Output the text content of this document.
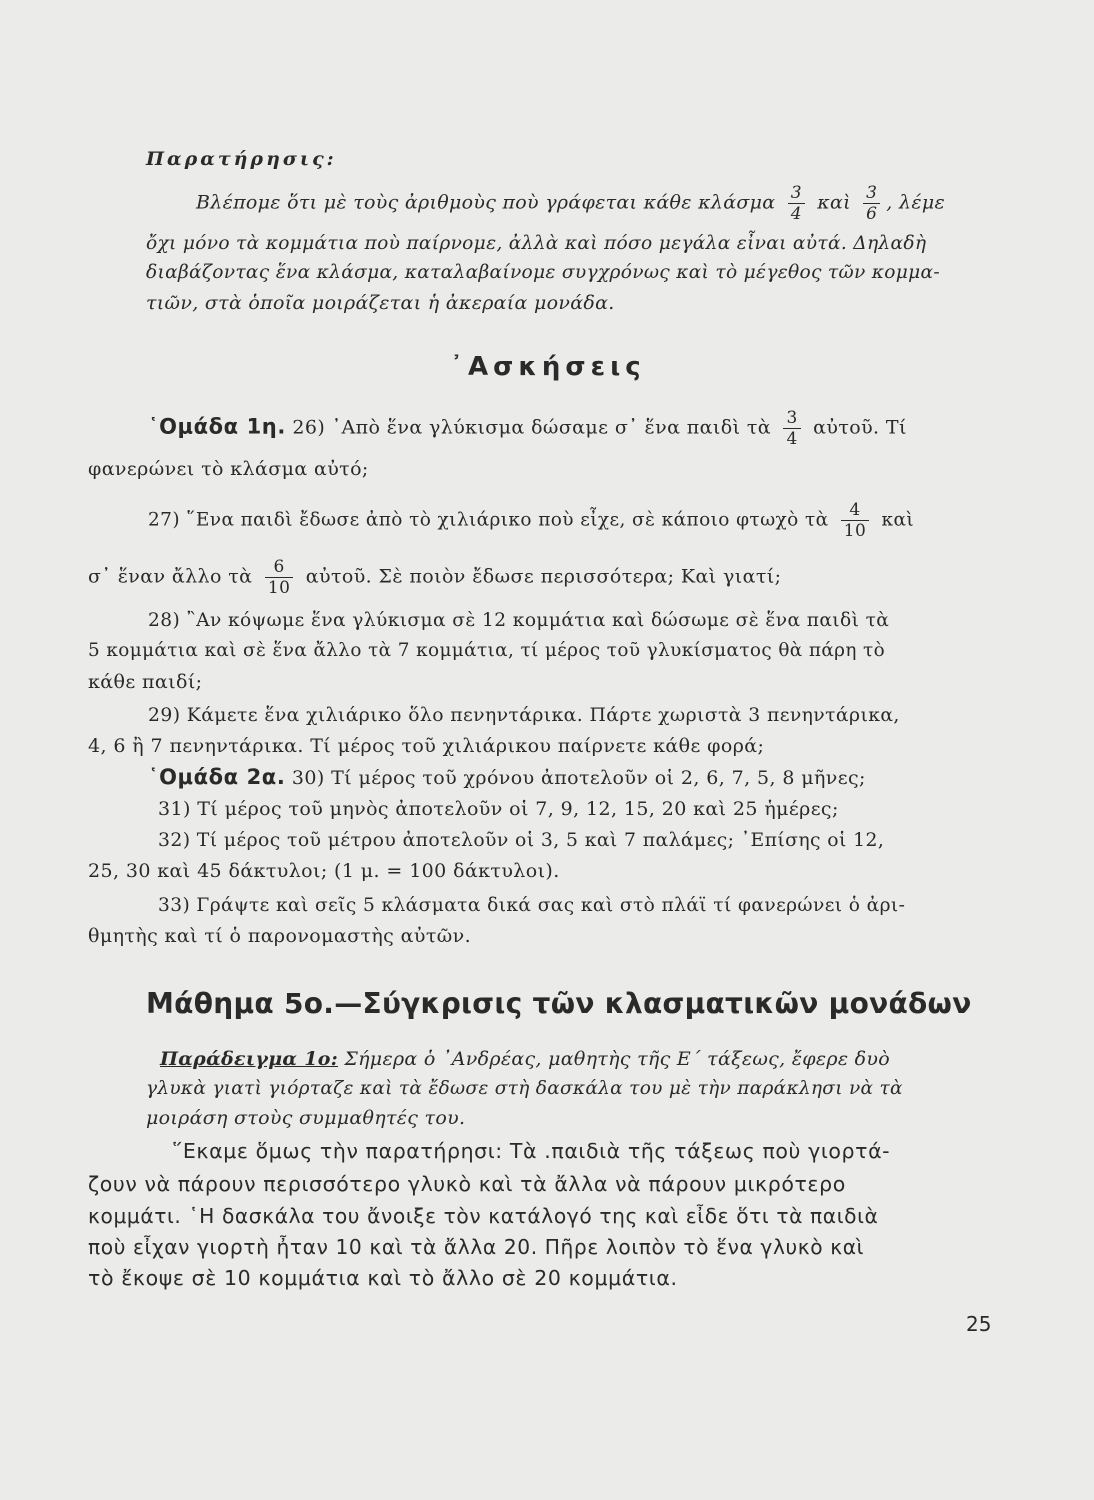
Παρατήρησις:
Βλέπομε ὅτι μὲ τοὺς ἀριθμοὺς ποὺ γράφεται κάθε κλάσμα $\frac{3}{4}$ καὶ $\frac{3}{6}$ , λέμε
ὄχι μόνο τὰ κομμάτια ποὺ παίρνομε, ἀλλὰ καὶ πόσο μεγάλα εἶναι αὐτά. Δηλαδὴ
διαβάζοντας ἕνα κλάσμα, καταλαβαίνομε συγχρόνως καὶ τὸ μέγεθος τῶν κομμα-
τιῶν, στὰ ὁποῖα μοιράζεται ἡ ἀκεραία μονάδα.
᾿Ασκήσεις
῾Ομάδα 1η. 26) ᾿Απὸ ἕνα γλύκισμα δώσαμε σ᾿ ἕνα παιδὶ τὰ $\frac{3}{4}$ αὐτοῦ. Τί
φανερώνει τὸ κλάσμα αὐτό;
27) ῞Ενα παιδὶ ἔδωσε ἀπὸ τὸ χιλιάρικο ποὺ εἶχε, σὲ κάποιο φτωχὸ τὰ $\frac{4}{10}$ καὶ
σ᾿ ἕναν ἄλλο τὰ $\frac{6}{10}$ αὐτοῦ. Σὲ ποιὸν ἔδωσε περισσότερα; Καὶ γιατί;
28) ῍Αν κόψωμε ἕνα γλύκισμα σὲ 12 κομμάτια καὶ δώσωμε σὲ ἕνα παιδὶ τὰ
5 κομμάτια καὶ σὲ ἕνα ἄλλο τὰ 7 κομμάτια, τί μέρος τοῦ γλυκίσματος θὰ πάρη τὸ
κάθε παιδί;
29) Κάμετε ἕνα χιλιάρικο ὅλο πενηντάρικα. Πάρτε χωριστὰ 3 πενηντάρικα,
4, 6 ἢ 7 πενηντάρικα. Τί μέρος τοῦ χιλιάρικου παίρνετε κάθε φορά;
῾Ομάδα 2α. 30) Τί μέρος τοῦ χρόνου ἀποτελοῦν οἱ 2, 6, 7, 5, 8 μῆνες;
31) Τί μέρος τοῦ μηνὸς ἀποτελοῦν οἱ 7, 9, 12, 15, 20 καὶ 25 ἡμέρες;
32) Τί μέρος τοῦ μέτρου ἀποτελοῦν οἱ 3, 5 καὶ 7 παλάμες; ᾿Επίσης οἱ 12,
25, 30 καὶ 45 δάκτυλοι; (1 μ. = 100 δάκτυλοι).
33) Γράψτε καὶ σεῖς 5 κλάσματα δικά σας καὶ στὸ πλάϊ τί φανερώνει ὁ ἀρι-
θμητὴς καὶ τί ὁ παρονομαστὴς αὐτῶν.
Μάθημα 5ο.—Σύγκρισις τῶν κλασματικῶν μονάδων
Παράδειγμα 1ο: Σήμερα ὁ ᾿Ανδρέας, μαθητὴς τῆς Ε΄ τάξεως, ἔφερε δυὸ
γλυκὰ γιατὶ γιόρταζε καὶ τὰ ἔδωσε στὴ δασκάλα του μὲ τὴν παράκλησι νὰ τὰ
μοιράση στοὺς συμμαθητές του.
῞Εκαμε ὅμως τὴν παρατήρησι: Τὰ .παιδιὰ τῆς τάξεως ποὺ γιορτά-
ζουν νὰ πάρουν περισσότερο γλυκὸ καὶ τὰ ἄλλα νὰ πάρουν μικρότερο
κομμάτι. ῾Η δασκάλα του ἄνοιξε τὸν κατάλογό της καὶ εἶδε ὅτι τὰ παιδιὰ
ποὺ εἶχαν γιορτὴ ἦταν 10 καὶ τὰ ἄλλα 20. Πῆρε λοιπὸν τὸ ἕνα γλυκὸ καὶ
τὸ ἔκοψε σὲ 10 κομμάτια καὶ τὸ ἄλλο σὲ 20 κομμάτια.
25
